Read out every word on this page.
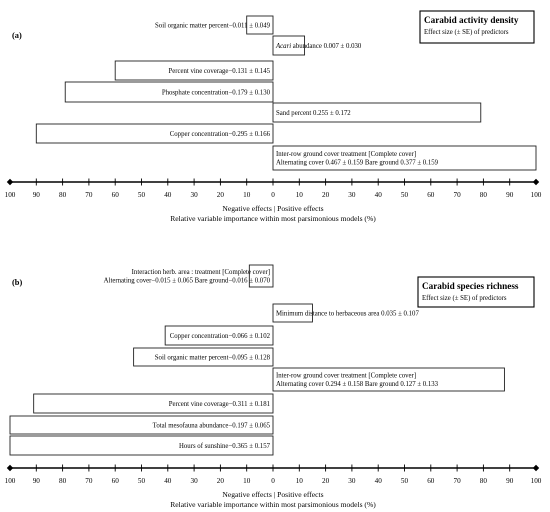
(a)
Soil organic matter percent−0.011 ± 0.049
Acari abundance 0.007 ± 0.030
Percent vine coverage−0.131 ± 0.145
Phosphate concentration−0.179 ± 0.130
Sand percent 0.255 ± 0.172
Copper concentration−0.295 ± 0.166
Inter-row ground cover treatment [Complete cover]
Alternating cover 0.467 ± 0.159 Bare ground 0.377 ± 0.159
Carabid activity density
Effect size (± SE) of predictors
100 90	80	70	60	50	40	30	20	10	0	10	20	30	40	50	60	70	80	90 100
Negative effects | Positive effects
Relative variable importance within most parsimonious models (%)
(b)
Interaction herb. area : treatment [Complete cover]
Alternating cover−0.015 ± 0.065 Bare ground−0.016 ± 0.070
Minimum distance to herbaceous area 0.035 ± 0.107
Copper concentration−0.066 ± 0.102
Soil organic matter percent−0.095 ± 0.128
Inter-row ground cover treatment [Complete cover]
Alternating cover 0.294 ± 0.158 Bare ground 0.127 ± 0.133
Percent vine coverage−0.311 ± 0.181
Total mesofauna abundance−0.197 ± 0.065
Hours of sunshine−0.365 ± 0.157
Carabid species richness
Effect size (± SE) of predictors
100 90	80	70	60	50	40	30	20	10	0	10	20	30	40	50	60	70	80	90 100
Negative effects | Positive effects
Relative variable importance within most parsimonious models (%)
